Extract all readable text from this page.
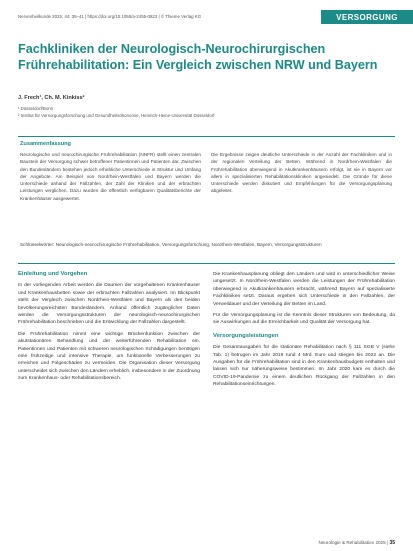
Nervenheilkunde 2025; 44: 35–41 | https://doi.org/10.1055/a-2455-0823 | © Thieme Verlag KG	VERSORGUNG
Fachkliniken der Neurologisch-Neurochirurgischen Frührehabilitation: Ein Vergleich zwischen NRW und Bayern
J. Frech¹, Ch. M. Kinkiss²
¹ Düsseldorf/Bonn
² Institut für Versorgungsforschung und Gesundheitsökonomie, Heinrich-Heine-Universität Düsseldorf
Zusammenfassung
Neurologische und neurochirurgische Frührehabilitation (NNFR) stellt einen zentralen Baustein der Versorgung schwer betroffener Patientinnen und Patienten dar. Zwischen den Bundesländern bestehen jedoch erhebliche Unterschiede in Struktur und Umfang der Angebote. Am Beispiel von Nordrhein-Westfalen und Bayern werden die Unterschiede anhand der Fallzahlen, der Zahl der Kliniken und der erbrachten Leistungen verglichen. Dazu wurden die öffentlich verfügbaren Qualitätsberichte der Krankenhäuser ausgewertet.
Die Ergebnisse zeigen deutliche Unterschiede in der Anzahl der Fachkliniken und in der regionalen Verteilung der Betten. Während in Nordrhein-Westfalen die Frührehabilitation überwiegend in Akutkrankenhäusern erfolgt, ist sie in Bayern vor allem in spezialisierten Rehabilitationskliniken angesiedelt. Die Gründe für diese Unterschiede werden diskutiert und Empfehlungen für die Versorgungsplanung abgeleitet.
Schlüsselwörter: Neurologisch-neurochirurgische Frührehabilitation, Versorgungsforschung, Nordrhein-Westfalen, Bayern, Versorgungsstrukturen
Einleitung und Vorgehen

In der vorliegenden Arbeit werden die Daumen der vorgehaltenen Krankenhäuser und Krankenhausbetten sowie der erbrachten Fallzahlen analysiert. Im Blickpunkt steht der Vergleich zwischen Nordrhein-Westfalen und Bayern als den beiden bevölkerungsreichsten Bundesländern. Anhand öffentlich zugänglicher Daten werden die Versorgungsstrukturen der neurologisch-neurochirurgischen Frührehabilitation beschrieben und die Entwicklung der Fallzahlen dargestellt.

Die Frührehabilitation nimmt eine wichtige Brückenfunktion zwischen der akutstationären Behandlung und der weiterführenden Rehabilitation ein. Patientinnen und Patienten mit schweren neurologischen Schädigungen benötigen eine frühzeitige und intensive Therapie, um funktionelle Verbesserungen zu erreichen und Folgeschäden zu vermeiden. Die Organisation dieser Versorgung unterscheidet sich zwischen den Ländern erheblich, insbesondere in der Zuordnung zum Krankenhaus- oder Rehabilitationsbereich.

Die Krankenhausplanung obliegt den Ländern und wird in unterschiedlicher Weise umgesetzt. In Nordrhein-Westfalen werden die Leistungen der Frührehabilitation überwiegend in Akutkrankenhäusern erbracht, während Bayern auf spezialisierte Fachkliniken setzt. Daraus ergeben sich Unterschiede in den Fallzahlen, der Verweildauer und der Verteilung der Betten im Land.

Für die Versorgungsplanung ist die Kenntnis dieser Strukturen von Bedeutung, da sie Auswirkungen auf die Erreichbarkeit und Qualität der Versorgung hat.

Versorgungsleistungen

Die Gesamtausgaben für die stationäre Rehabilitation nach § 111 SGB V (siehe Tab. 1) betrugen im Jahr 2019 rund 4 Mrd. Euro und stiegen bis 2022 an. Die Ausgaben für die Frührehabilitation sind in den Krankenhausbudgets enthalten und lassen sich nur näherungsweise bestimmen. Im Jahr 2020 kam es durch die COVID-19-Pandemie zu einem deutlichen Rückgang der Fallzahlen in den Rehabilitationseinrichtungen.

Neurologie & Rehabilitation 2025 | 35
